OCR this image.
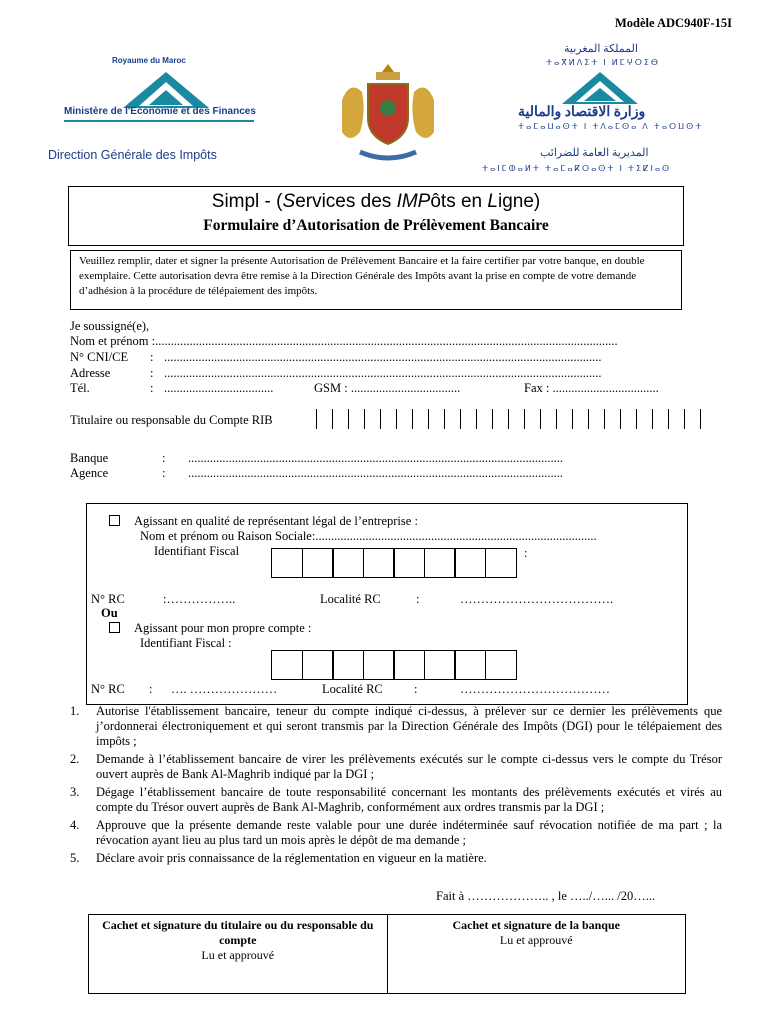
Modèle ADC940F-15I
Royaume du Maroc
Ministère de l'Economie et des Finances
Direction Générale des Impôts
المملكة المغربية
ⵜⴰⴳⵍⴷⵉⵜ ⵏ ⵍⵎⵖⵔⵉⴱ
وزارة الاقتصاد والمالية
ⵜⴰⵎⴰⵡⴰⵙⵜ ⵏ ⵜⴷⴰⵎⵙⴰ ⴷ ⵜⴰⵔⵡⵙⵜ
المديرية العامة للضرائب
ⵜⴰⵏⵎⵀⴰⵍⵜ ⵜⴰⵎⴰⴽⵔⴰⵙⵜ ⵏ ⵜⵉⵇⵏⴰⵙ
Simpl - (Services des IMPôts en Ligne)
Formulaire d’Autorisation de Prélèvement Bancaire
Veuillez remplir, dater et signer la présente Autorisation de Prélèvement Bancaire et la faire certifier par votre banque, en double exemplaire. Cette autorisation devra être remise à la Direction Générale des Impôts avant la prise en compte de votre demande d’adhésion à la procédure de télépaiement des impôts.
Je soussigné(e),
Nom et prénom :....................................................................................................................................................
N° CNI/CE : ............................................................................................................................................
Adresse	: ............................................................................................................................................
Tél.	: ...................................	GSM : ...................................	Fax : ..................................
Titulaire ou responsable du Compte RIB
Banque	: ........................................................................................................................
Agence	: ........................................................................................................................
Agissant en qualité de représentant légal de l’entreprise :
Nom et prénom ou Raison Sociale:..........................................................................................
Identifiant Fiscal	:
N° RC	:……………..	Localité RC	:	……………………………….
Ou
Agissant pour mon propre compte :
Identifiant Fiscal :
N° RC : …. …………………	Localité RC	:	………………………………
1. Autorise l'établissement bancaire, teneur du compte indiqué ci-dessus, à prélever sur ce dernier les prélèvements que j’ordonnerai électroniquement et qui seront transmis par la Direction Générale des Impôts (DGI) pour le télépaiement des impôts ;
2. Demande à l’établissement bancaire de virer les prélèvements exécutés sur le compte ci-dessus vers le compte du Trésor ouvert auprès de Bank Al-Maghrib indiqué par la DGI ;
3. Dégage l’établissement bancaire de toute responsabilité concernant les montants des prélèvements exécutés et virés au compte du Trésor ouvert auprès de Bank Al-Maghrib, conformément aux ordres transmis par la DGI ;
4. Approuve que la présente demande reste valable pour une durée indéterminée sauf révocation notifiée de ma part ; la révocation ayant lieu au plus tard un mois après le dépôt de ma demande ;
5. Déclare avoir pris connaissance de la réglementation en vigueur en la matière.
Fait à ……………….. , le …../…... /20…...
Cachet et signature du titulaire ou du responsable du compte
Lu et approuvé
Cachet et signature de la banque
Lu et approuvé
